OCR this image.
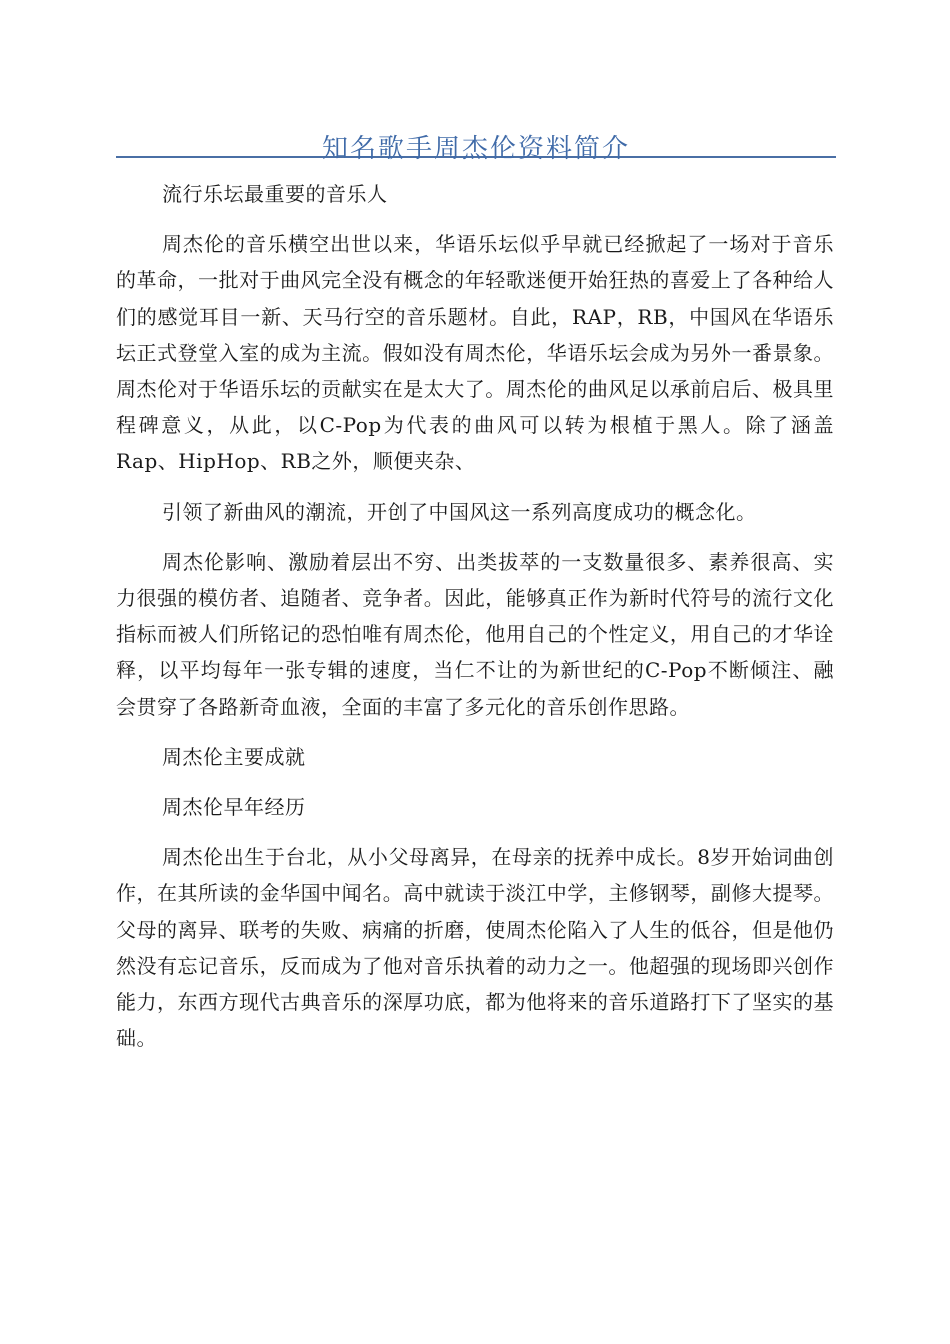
知名歌手周杰伦资料简介

流行乐坛最重要的音乐人

周杰伦的音乐横空出世以来，华语乐坛似乎早就已经掀起了一场对于音乐的革命，一批对于曲风完全没有概念的年轻歌迷便开始狂热的喜爱上了各种给人们的感觉耳目一新、天马行空的音乐题材。自此，RAP，RB，中国风在华语乐坛正式登堂入室的成为主流。假如没有周杰伦，华语乐坛会成为另外一番景象。周杰伦对于华语乐坛的贡献实在是太大了。周杰伦的曲风足以承前启后、极具里程碑意义，从此，以C-Pop为代表的曲风可以转为根植于黑人。除了涵盖Rap、HipHop、RB之外，顺便夹杂、

引领了新曲风的潮流，开创了中国风这一系列高度成功的概念化。

周杰伦影响、激励着层出不穷、出类拔萃的一支数量很多、素养很高、实力很强的模仿者、追随者、竞争者。因此，能够真正作为新时代符号的流行文化指标而被人们所铭记的恐怕唯有周杰伦，他用自己的个性定义，用自己的才华诠释，以平均每年一张专辑的速度，当仁不让的为新世纪的C-Pop不断倾注、融会贯穿了各路新奇血液，全面的丰富了多元化的音乐创作思路。

周杰伦主要成就

周杰伦早年经历

周杰伦出生于台北，从小父母离异，在母亲的抚养中成长。8岁开始词曲创作，在其所读的金华国中闻名。高中就读于淡江中学，主修钢琴，副修大提琴。父母的离异、联考的失败、病痛的折磨，使周杰伦陷入了人生的低谷，但是他仍然没有忘记音乐，反而成为了他对音乐执着的动力之一。他超强的现场即兴创作能力，东西方现代古典音乐的深厚功底，都为他将来的音乐道路打下了坚实的基础。
